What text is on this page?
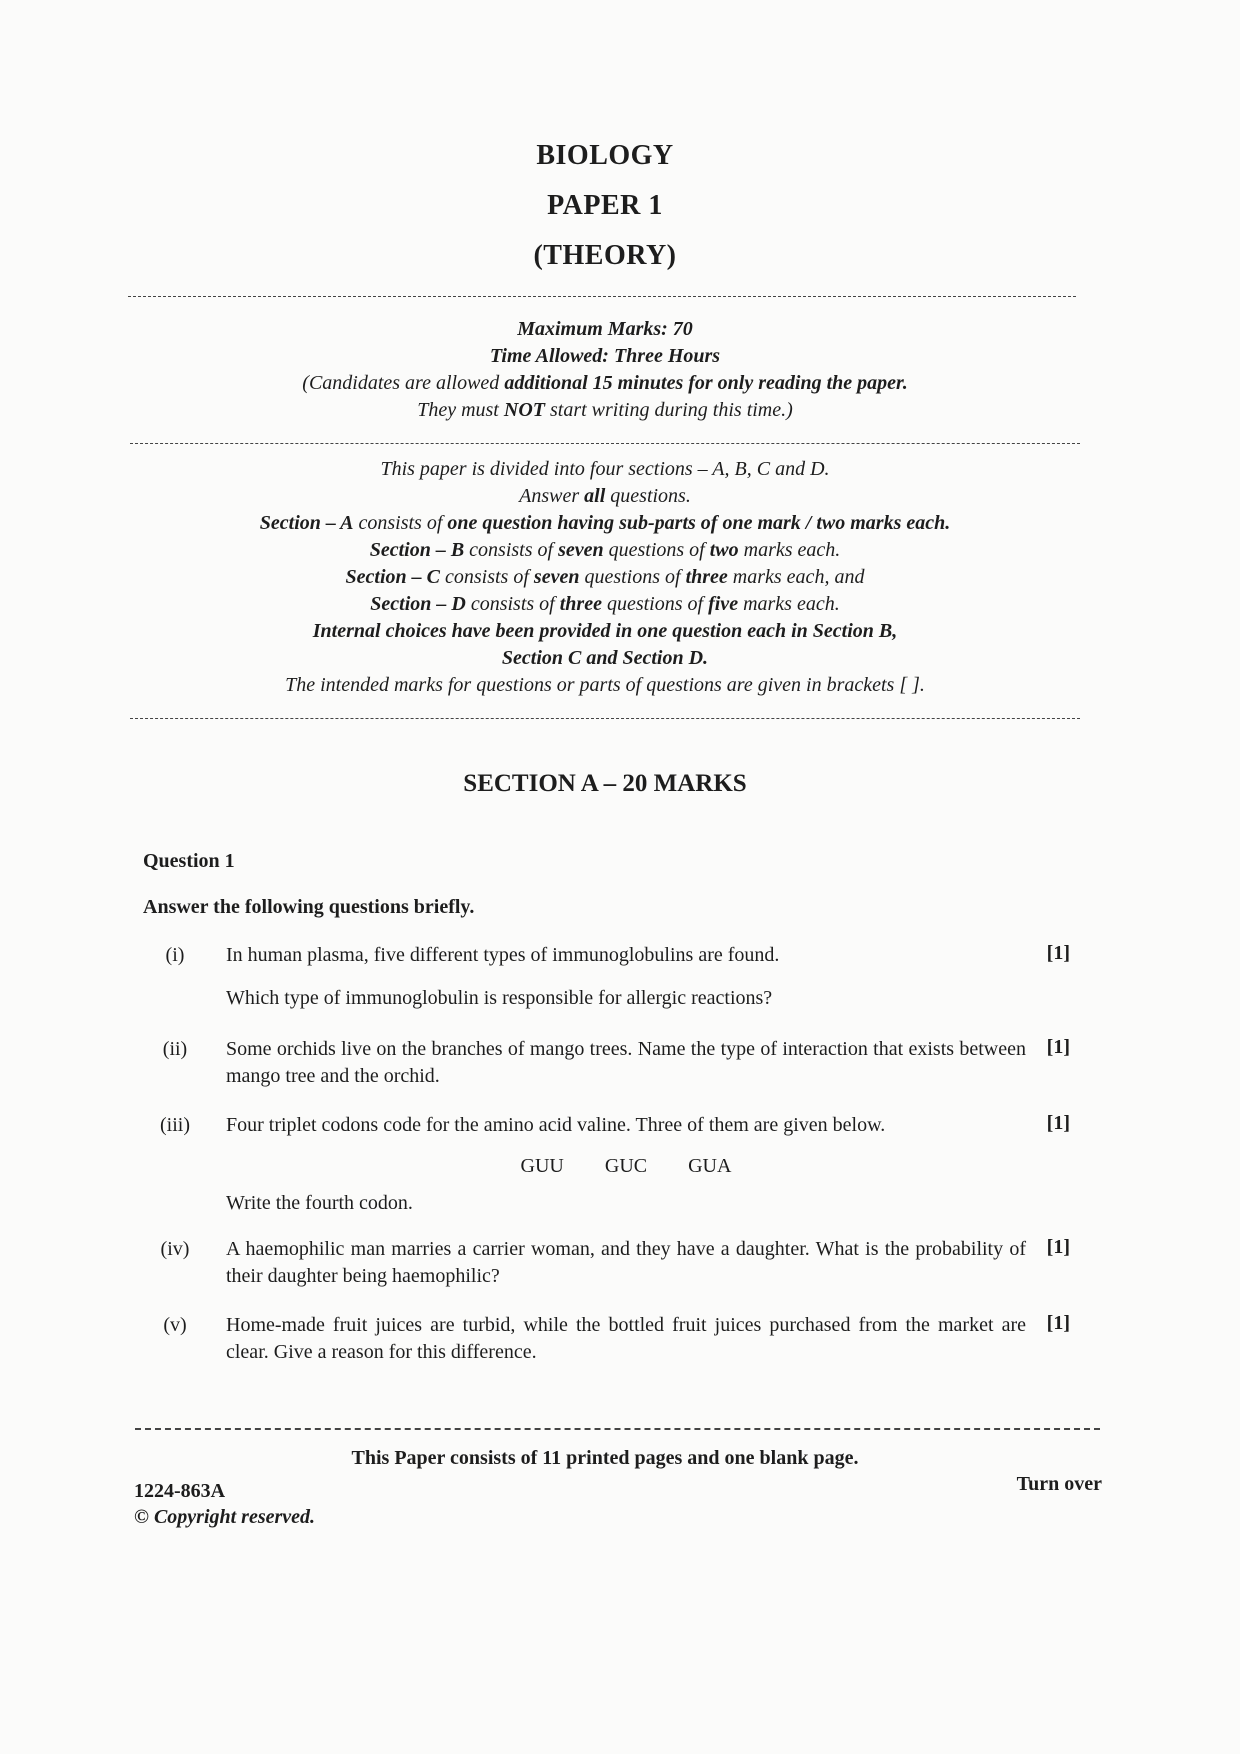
BIOLOGY
PAPER 1
(THEORY)
Maximum Marks: 70
Time Allowed: Three Hours
(Candidates are allowed additional 15 minutes for only reading the paper.
They must NOT start writing during this time.)
This paper is divided into four sections – A, B, C and D.
Answer all questions.
Section – A consists of one question having sub-parts of one mark / two marks each.
Section – B consists of seven questions of two marks each.
Section – C consists of seven questions of three marks each, and
Section – D consists of three questions of five marks each.
Internal choices have been provided in one question each in Section B,
Section C and Section D.
The intended marks for questions or parts of questions are given in brackets [ ].
SECTION A – 20 MARKS
Question 1
Answer the following questions briefly.
(i)	In human plasma, five different types of immunoglobulins are found.	[1]
Which type of immunoglobulin is responsible for allergic reactions?
(ii)	Some orchids live on the branches of mango trees. Name the type of interaction that exists between mango tree and the orchid.
[1]
(iii)	Four triplet codons code for the amino acid valine. Three of them are given below.	[1]
GUU GUC GUA
Write the fourth codon.
(iv)	A haemophilic man marries a carrier woman, and they have a daughter. What is the probability of their daughter being haemophilic?
[1]
(v)	Home-made fruit juices are turbid, while the bottled fruit juices purchased from the market are clear. Give a reason for this difference.
[1]
This Paper consists of 11 printed pages and one blank page.
1224-863A	Turn over
© Copyright reserved.
